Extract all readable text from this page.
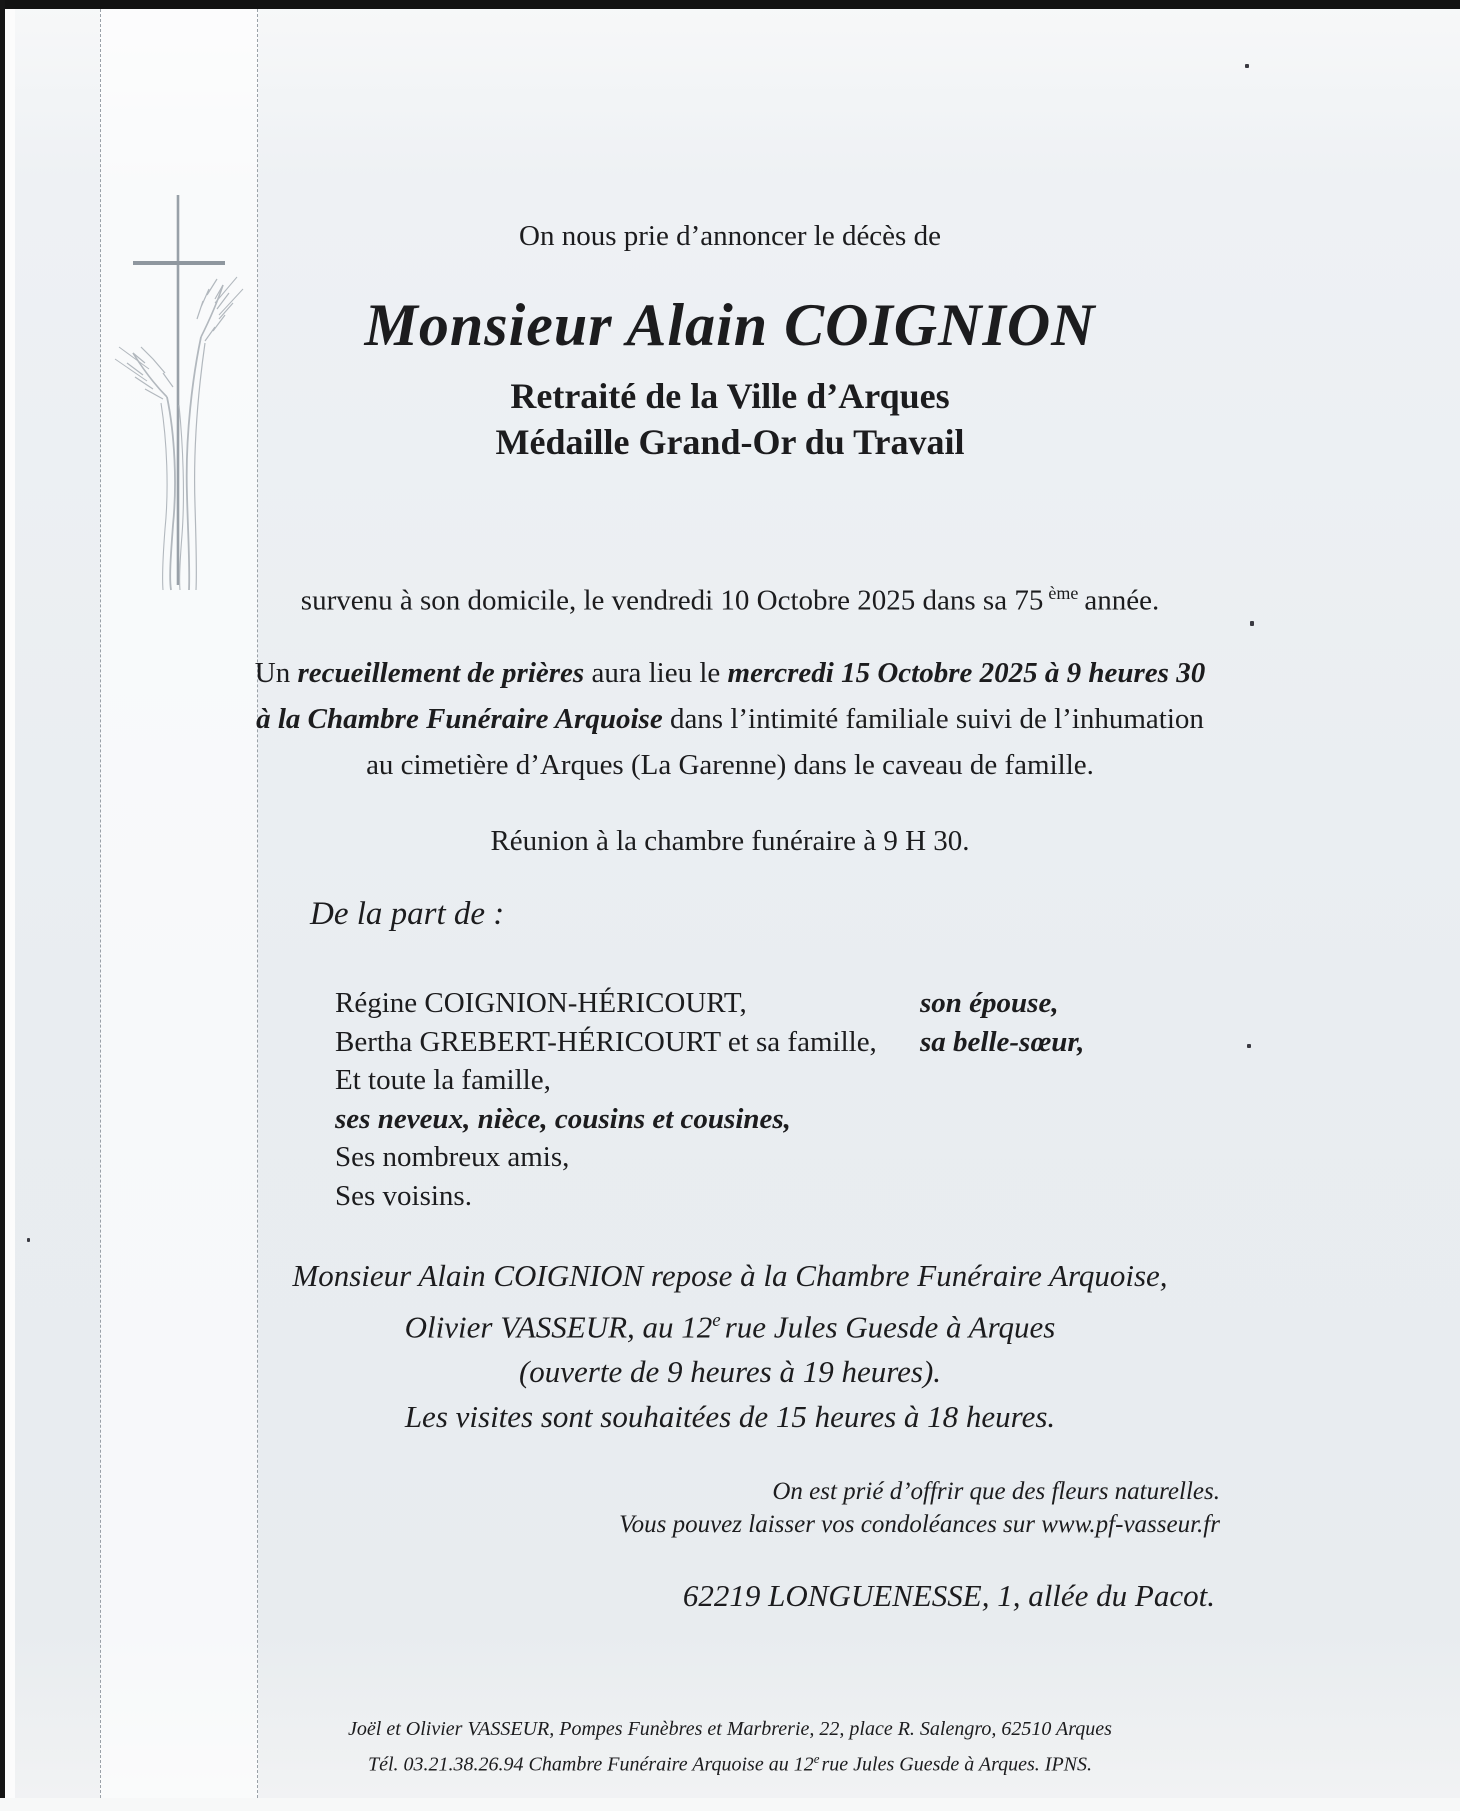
On nous prie d’annoncer le décès de
Monsieur Alain COIGNION
Retraité de la Ville d’Arques
Médaille Grand-Or du Travail
survenu à son domicile, le vendredi 10 Octobre 2025 dans sa 75 $^{ème}$ année.
Un recueillement de prières aura lieu le mercredi 15 Octobre 2025 à 9 heures 30
à la Chambre Funéraire Arquoise dans l’intimité familiale suivi de l’inhumation
au cimetière d’Arques (La Garenne) dans le caveau de famille.
Réunion à la chambre funéraire à 9 H 30.
De la part de :
Régine COIGNION-HÉRICOURT,	son épouse,
Bertha GREBERT-HÉRICOURT et sa famille,	sa belle-sœur,
Et toute la famille,
ses neveux, nièce, cousins et cousines,
Ses nombreux amis,
Ses voisins.
Monsieur Alain COIGNION repose à la Chambre Funéraire Arquoise,
Olivier VASSEUR, au 12e rue Jules Guesde à Arques
(ouverte de 9 heures à 19 heures).
Les visites sont souhaitées de 15 heures à 18 heures.
On est prié d’offrir que des fleurs naturelles.
Vous pouvez laisser vos condoléances sur www.pf-vasseur.fr
62219 LONGUENESSE, 1, allée du Pacot.
Joël et Olivier VASSEUR, Pompes Funèbres et Marbrerie, 22, place R. Salengro, 62510 Arques
Tél. 03.21.38.26.94 Chambre Funéraire Arquoise au 12e rue Jules Guesde à Arques. IPNS.
